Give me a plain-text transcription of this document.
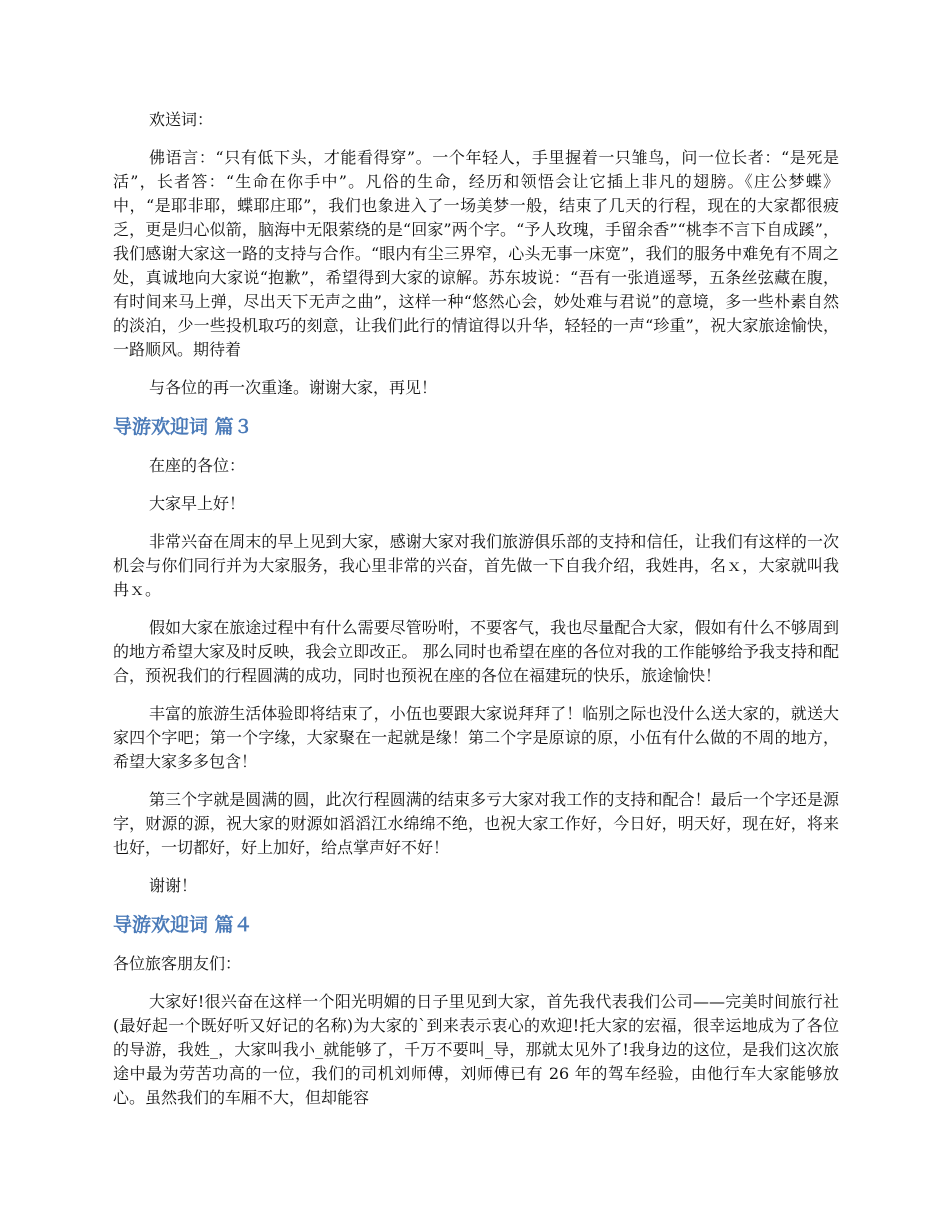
欢送词：

佛语言：“只有低下头，才能看得穿”。一个年轻人，手里握着一只雏鸟，问一位长者：“是死是活”，长者答：“生命在你手中”。凡俗的生命，经历和领悟会让它插上非凡的翅膀。《庄公梦蝶》中，“是耶非耶，蝶耶庄耶”，我们也象进入了一场美梦一般，结束了几天的行程，现在的大家都很疲乏，更是归心似箭，脑海中无限萦绕的是“回家”两个字。“予人玫瑰，手留余香”“桃李不言下自成蹊”，我们感谢大家这一路的支持与合作。“眼内有尘三界窄，心头无事一床宽”，我们的服务中难免有不周之处，真诚地向大家说“抱歉”，希望得到大家的谅解。苏东坡说：“吾有一张逍遥琴，五条丝弦藏在腹，有时间来马上弹，尽出天下无声之曲”，这样一种“悠然心会，妙处难与君说”的意境，多一些朴素自然的淡泊，少一些投机取巧的刻意，让我们此行的情谊得以升华，轻轻的一声“珍重”，祝大家旅途愉快，一路顺风。期待着

与各位的再一次重逢。谢谢大家，再见！

导游欢迎词 篇３

在座的各位：

大家早上好！

非常兴奋在周末的早上见到大家，感谢大家对我们旅游俱乐部的支持和信任，让我们有这样的一次机会与你们同行并为大家服务，我心里非常的兴奋，首先做一下自我介绍，我姓冉，名ｘ，大家就叫我冉ｘ。

假如大家在旅途过程中有什么需要尽管吩咐，不要客气，我也尽量配合大家，假如有什么不够周到的地方希望大家及时反映，我会立即改正。 那么同时也希望在座的各位对我的工作能够给予我支持和配合，预祝我们的行程圆满的成功，同时也预祝在座的各位在福建玩的快乐，旅途愉快！

丰富的旅游生活体验即将结束了，小伍也要跟大家说拜拜了！临别之际也没什么送大家的，就送大家四个字吧；第一个字缘，大家聚在一起就是缘！第二个字是原谅的原，小伍有什么做的不周的地方，希望大家多多包含！

第三个字就是圆满的圆，此次行程圆满的结束多亏大家对我工作的支持和配合！最后一个字还是源字，财源的源，祝大家的财源如滔滔江水绵绵不绝，也祝大家工作好，今日好，明天好，现在好，将来也好，一切都好，好上加好，给点掌声好不好！

谢谢！

导游欢迎词 篇４

各位旅客朋友们：

大家好!很兴奋在这样一个阳光明媚的日子里见到大家，首先我代表我们公司——完美时间旅行社(最好起一个既好听又好记的名称)为大家的`到来表示衷心的欢迎!托大家的宏福，很幸运地成为了各位的导游，我姓_，大家叫我小_就能够了，千万不要叫_导，那就太见外了!我身边的这位，是我们这次旅途中最为劳苦功高的一位，我们的司机刘师傅，刘师傅已有 26 年的驾车经验，由他行车大家能够放心。虽然我们的车厢不大，但却能容
